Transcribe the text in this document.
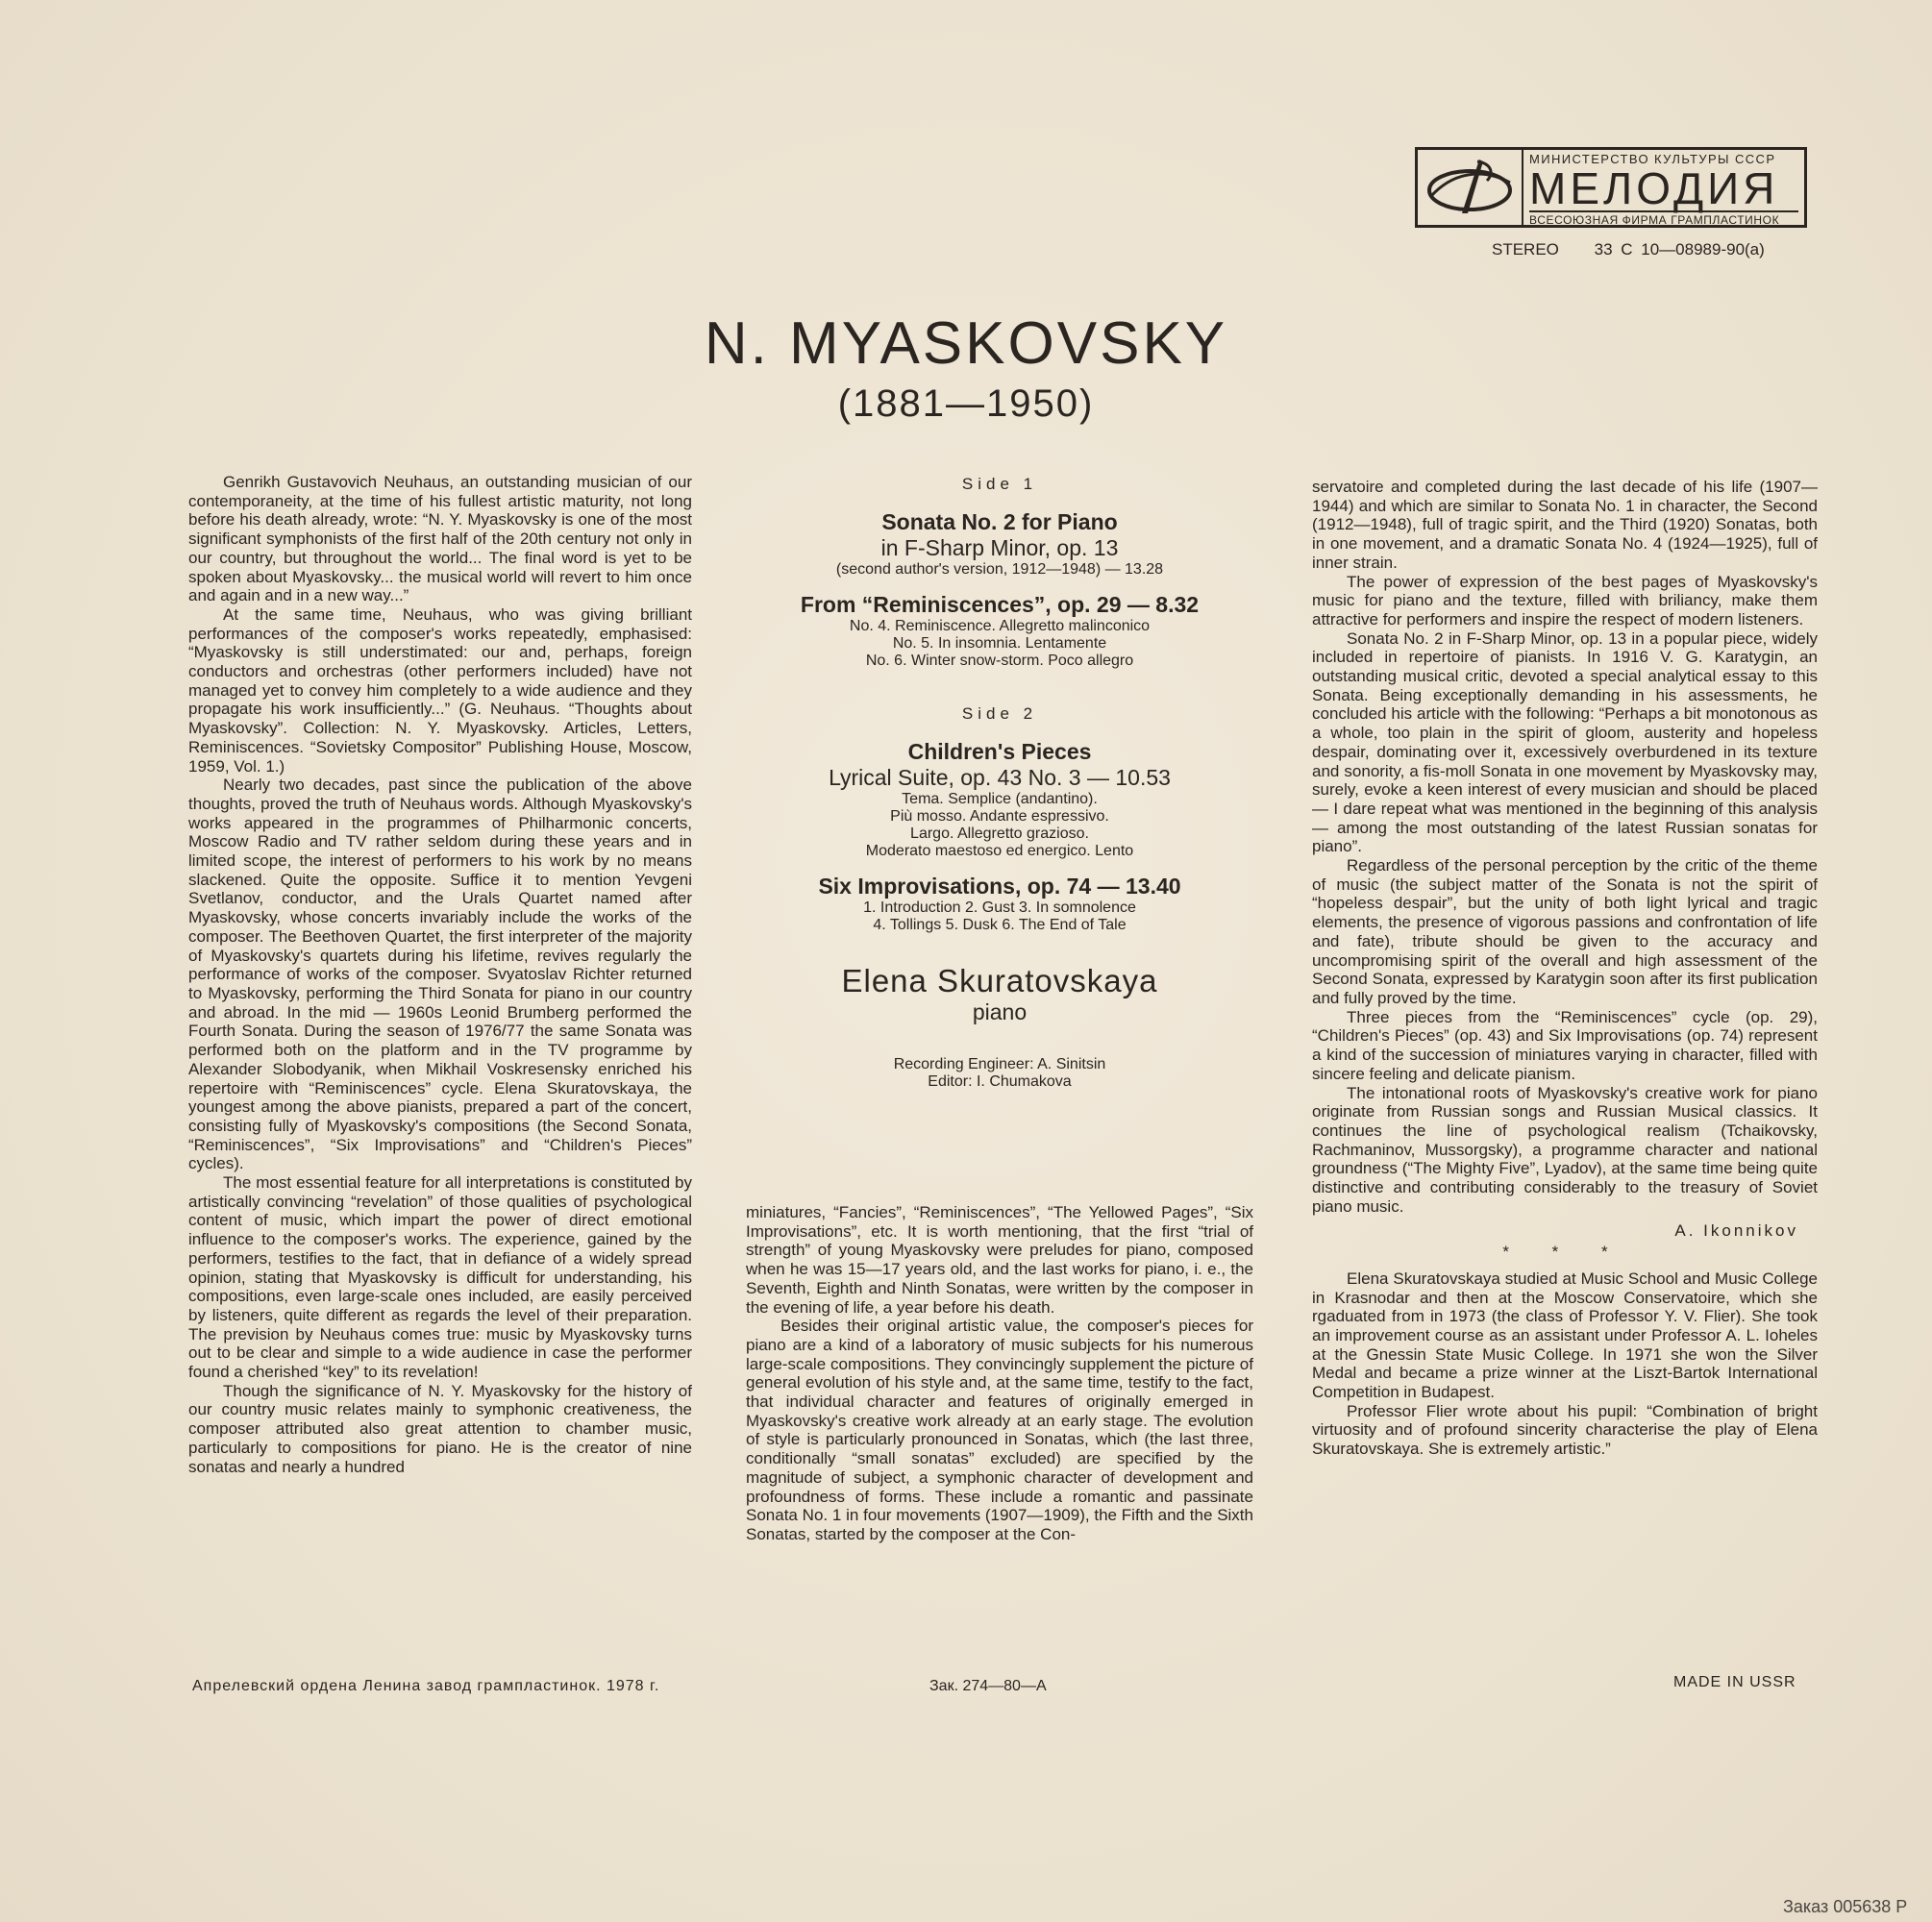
МИНИСТЕРСТВО КУЛЬТУРЫ СССР
МЕЛОДИЯ
ВСЕСОЮЗНАЯ ФИРМА ГРАМПЛАСТИНОК
STEREO 33 С 10—08989-90(а)
N. MYASKOVSKY
(1881—1950)

Genrikh Gustavovich Neuhaus, an outstanding musician of our contemporaneity, at the time of his fullest artistic maturity, not long before his death already, wrote: “N. Y. Myaskovsky is one of the most significant symphonists of the first half of the 20th century not only in our country, but throughout the world... The final word is yet to be spoken about Myaskovsky... the musical world will revert to him once and again and in a new way...”

At the same time, Neuhaus, who was giving brilliant performances of the composer's works repeatedly, emphasised: “Myaskovsky is still understimated: our and, perhaps, foreign conductors and orchestras (other performers included) have not managed yet to convey him completely to a wide audience and they propagate his work insufficiently...” (G. Neuhaus. “Thoughts about Myaskovsky”. Collection: N. Y. Myaskovsky. Articles, Letters, Reminiscences. “Sovietsky Compositor” Publishing House, Moscow, 1959, Vol. 1.)

Nearly two decades, past since the publication of the above thoughts, proved the truth of Neuhaus words. Although Myaskovsky's works appeared in the programmes of Philharmonic concerts, Moscow Radio and TV rather seldom during these years and in limited scope, the interest of performers to his work by no means slackened. Quite the opposite. Suffice it to mention Yevgeni Svetlanov, conductor, and the Urals Quartet named after Myaskovsky, whose concerts invariably include the works of the composer. The Beethoven Quartet, the first interpreter of the majority of Myaskovsky's quartets during his lifetime, revives regularly the performance of works of the composer. Svyatoslav Richter returned to Myaskovsky, performing the Third Sonata for piano in our country and abroad. In the mid — 1960s Leonid Brumberg performed the Fourth Sonata. During the season of 1976/77 the same Sonata was performed both on the platform and in the TV programme by Alexander Slobodyanik, when Mikhail Voskresensky enriched his repertoire with “Reminiscences” cycle. Elena Skuratovskaya, the youngest among the above pianists, prepared a part of the concert, consisting fully of Myaskovsky's compositions (the Second Sonata, “Reminiscences”, “Six Improvisations” and “Children's Pieces” cycles).

The most essential feature for all interpretations is constituted by artistically convincing “revelation” of those qualities of psychological content of music, which impart the power of direct emotional influence to the composer's works. The experience, gained by the performers, testifies to the fact, that in defiance of a widely spread opinion, stating that Myaskovsky is difficult for understanding, his compositions, even large-scale ones included, are easily perceived by listeners, quite different as regards the level of their preparation. The prevision by Neuhaus comes true: music by Myaskovsky turns out to be clear and simple to a wide audience in case the performer found a cherished “key” to its revelation!

Though the significance of N. Y. Myaskovsky for the history of our country music relates mainly to symphonic creativeness, the composer attributed also great attention to chamber music, particularly to compositions for piano. He is the creator of nine sonatas and nearly a hundred

Side 1

Sonata No. 2 for Piano

in F-Sharp Minor, op. 13

(second author's version, 1912—1948) — 13.28

From “Reminiscences”, op. 29 — 8.32

No. 4. Reminiscence. Allegretto malinconico

No. 5. In insomnia. Lentamente

No. 6. Winter snow-storm. Poco allegro

Side 2

Children's Pieces

Lyrical Suite, op. 43 No. 3 — 10.53

Tema. Semplice (andantino).

Più mosso. Andante espressivo.

Largo. Allegretto grazioso.

Moderato maestoso ed energico. Lento

Six Improvisations, op. 74 — 13.40

1. Introduction 2. Gust 3. In somnolence

4. Tollings 5. Dusk 6. The End of Tale

Elena Skuratovskaya

piano

Recording Engineer: A. Sinitsin

Editor: I. Chumakova

miniatures, “Fancies”, “Reminiscences”, “The Yellowed Pages”, “Six Improvisations”, etc. It is worth mentioning, that the first “trial of strength” of young Myaskovsky were preludes for piano, composed when he was 15—17 years old, and the last works for piano, i. e., the Seventh, Eighth and Ninth Sonatas, were written by the composer in the evening of life, a year before his death.

Besides their original artistic value, the composer's pieces for piano are a kind of a laboratory of music subjects for his numerous large-scale compositions. They convincingly supplement the picture of general evolution of his style and, at the same time, testify to the fact, that individual character and features of originally emerged in Myaskovsky's creative work already at an early stage. The evolution of style is particularly pronounced in Sonatas, which (the last three, conditionally “small sonatas” excluded) are specified by the magnitude of subject, a symphonic character of development and profoundness of forms. These include a romantic and passinate Sonata No. 1 in four movements (1907—1909), the Fifth and the Sixth Sonatas, started by the composer at the Con-

servatoire and completed during the last decade of his life (1907—1944) and which are similar to Sonata No. 1 in character, the Second (1912—1948), full of tragic spirit, and the Third (1920) Sonatas, both in one movement, and a dramatic Sonata No. 4 (1924—1925), full of inner strain.

The power of expression of the best pages of Myaskovsky's music for piano and the texture, filled with briliancy, make them attractive for performers and inspire the respect of modern listeners.

Sonata No. 2 in F-Sharp Minor, op. 13 in a popular piece, widely included in repertoire of pianists. In 1916 V. G. Karatygin, an outstanding musical critic, devoted a special analytical essay to this Sonata. Being exceptionally demanding in his assessments, he concluded his article with the following: “Perhaps a bit monotonous as a whole, too plain in the spirit of gloom, austerity and hopeless despair, dominating over it, excessively overburdened in its texture and sonority, a fis-moll Sonata in one movement by Myaskovsky may, surely, evoke a keen interest of every musician and should be placed — I dare repeat what was mentioned in the beginning of this analysis — among the most outstanding of the latest Russian sonatas for piano”.

Regardless of the personal perception by the critic of the theme of music (the subject matter of the Sonata is not the spirit of “hopeless despair”, but the unity of both light lyrical and tragic elements, the presence of vigorous passions and confrontation of life and fate), tribute should be given to the accuracy and uncompromising spirit of the overall and high assessment of the Second Sonata, expressed by Karatygin soon after its first publication and fully proved by the time.

Three pieces from the “Reminiscences” cycle (op. 29), “Children's Pieces” (op. 43) and Six Improvisations (op. 74) represent a kind of the succession of miniatures varying in character, filled with sincere feeling and delicate pianism.

The intonational roots of Myaskovsky's creative work for piano originate from Russian songs and Russian Musical classics. It continues the line of psychological realism (Tchaikovsky, Rachmaninov, Mussorgsky), a programme character and national groundness (“The Mighty Five”, Lyadov), at the same time being quite distinctive and contributing considerably to the treasury of Soviet piano music.

A. Ikonnikov
* * *

Elena Skuratovskaya studied at Music School and Music College in Krasnodar and then at the Moscow Conservatoire, which she rgaduated from in 1973 (the class of Professor Y. V. Flier). She took an improvement course as an assistant under Professor A. L. Ioheles at the Gnessin State Music College. In 1971 she won the Silver Medal and became a prize winner at the Liszt-Bartok International Competition in Budapest.

Professor Flier wrote about his pupil: “Combination of bright virtuosity and of profound sincerity characterise the play of Elena Skuratovskaya. She is extremely artistic.”

Апрелевский ордена Ленина завод грампластинок. 1978 г.	Зак. 274—80—А	MADE IN USSR
Заказ 005638 Р
